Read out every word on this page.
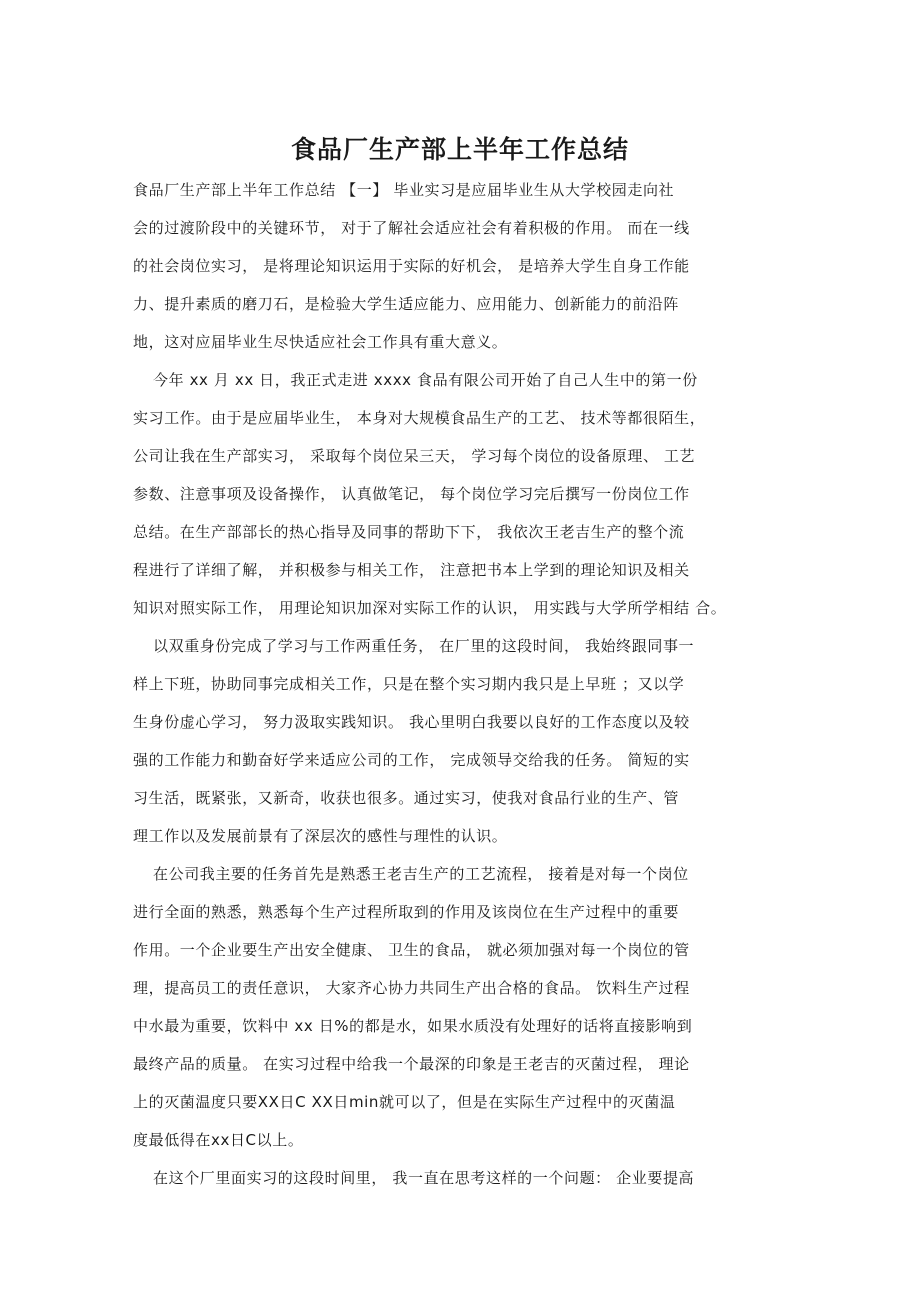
食品厂生产部上半年工作总结
食品厂生产部上半年工作总结 【一】 毕业实习是应届毕业生从大学校园走向社
会的过渡阶段中的关键环节， 对于了解社会适应社会有着积极的作用。 而在一线
的社会岗位实习， 是将理论知识运用于实际的好机会， 是培养大学生自身工作能
力、提升素质的磨刀石，是检验大学生适应能力、应用能力、创新能力的前沿阵
地，这对应届毕业生尽快适应社会工作具有重大意义。
今年 xx 月 xx 日，我正式走进 xxxx 食品有限公司开始了自己人生中的第一份
实习工作。由于是应届毕业生， 本身对大规模食品生产的工艺、 技术等都很陌生，
公司让我在生产部实习， 采取每个岗位呆三天， 学习每个岗位的设备原理、 工艺
参数、注意事项及设备操作， 认真做笔记， 每个岗位学习完后撰写一份岗位工作
总结。在生产部部长的热心指导及同事的帮助下下， 我依次王老吉生产的整个流
程进行了详细了解， 并积极参与相关工作， 注意把书本上学到的理论知识及相关
知识对照实际工作， 用理论知识加深对实际工作的认识， 用实践与大学所学相结 合。
以双重身份完成了学习与工作两重任务， 在厂里的这段时间， 我始终跟同事一
样上下班，协助同事完成相关工作，只是在整个实习期内我只是上早班 ；又以学
生身份虚心学习， 努力汲取实践知识。 我心里明白我要以良好的工作态度以及较
强的工作能力和勤奋好学来适应公司的工作， 完成领导交给我的任务。 简短的实
习生活，既紧张，又新奇，收获也很多。通过实习，使我对食品行业的生产、管
理工作以及发展前景有了深层次的感性与理性的认识。
在公司我主要的任务首先是熟悉王老吉生产的工艺流程， 接着是对每一个岗位
进行全面的熟悉，熟悉每个生产过程所取到的作用及该岗位在生产过程中的重要
作用。一个企业要生产出安全健康、 卫生的食品， 就必须加强对每一个岗位的管
理，提高员工的责任意识， 大家齐心协力共同生产出合格的食品。 饮料生产过程
中水最为重要，饮料中 xx 日%的都是水，如果水质没有处理好的话将直接影响到
最终产品的质量。 在实习过程中给我一个最深的印象是王老吉的灭菌过程， 理论
上的灭菌温度只要XX日C XX日min就可以了，但是在实际生产过程中的灭菌温
度最低得在xx日C以上。
在这个厂里面实习的这段时间里， 我一直在思考这样的一个问题： 企业要提高
